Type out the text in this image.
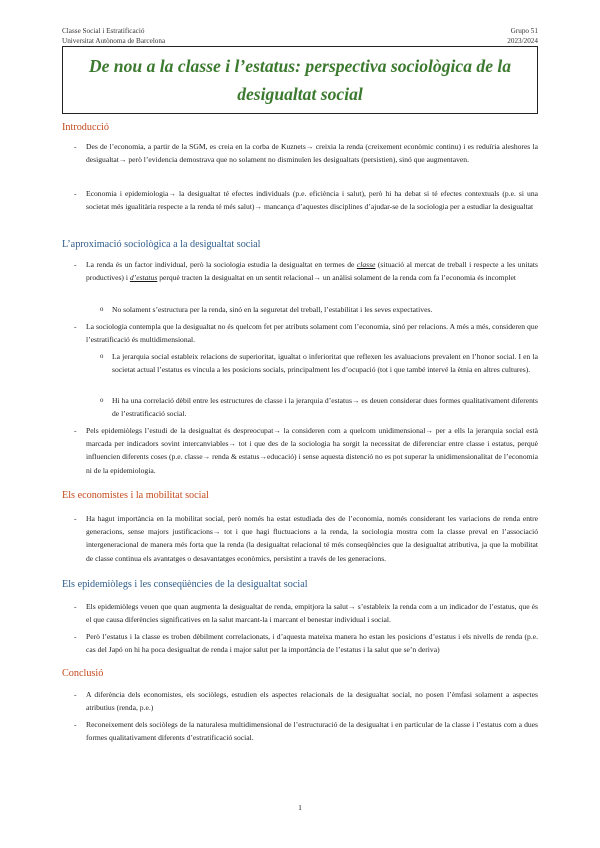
Classe Social i Estratificació
Universitat Autònoma de Barcelona
Grupo 51
2023/2024
De nou a la classe i l’estatus: perspectiva sociològica de la desigualtat social
Introducció
- Des de l’economia, a partir de la SGM, es creia en la corba de Kuznets→ creixia la renda (creixement econòmic continu) i es reduïria aleshores la desigualtat→ però l’evidencia demostrava que no solament no disminuïen les desigualtats (persistien), sinó que augmentaven.
- Economia i epidemiologia→ la desigualtat té efectes individuals (p.e. eficiència i salut), però hi ha debat si té efectes contextuals (p.e. si una societat més igualitària respecte a la renda té més salut)→ mancança d’aquestes disciplines d’ajudar-se de la sociologia per a estudiar la desigualtat
L’aproximació sociològica a la desigualtat social
- La renda és un factor individual, però la sociologia estudia la desigualtat en termes de classe (situació al mercat de treball i respecte a les unitats productives) i d’estatus perquè tracten la desigualtat en un sentit relacional→ un anàlisi solament de la renda com fa l’economia és incomplet
o No solament s’estructura per la renda, sinó en la seguretat del treball, l’estabilitat i les seves expectatives.
- La sociologia contempla que la desigualtat no és quelcom fet per atributs solament com l’economia, sinó per relacions. A més a més, consideren que l’estratificació és multidimensional.
o La jerarquia social estableix relacions de superioritat, igualtat o inferioritat que reflexen les avaluacions prevalent en l’honor social. I en la societat actual l’estatus es vincula a les posicions socials, principalment les d’ocupació (tot i que també intervé la ètnia en altres cultures).
o Hi ha una correlació dèbil entre les estructures de classe i la jerarquia d’estatus→ es deuen considerar dues formes qualitativament diferents de l’estratificació social.
- Pels epidemiòlegs l’estudi de la desigualtat és despreocupat→ la consideren com a quelcom unidimensional→ per a ells la jerarquia social està marcada per indicadors sovint intercanviables→ tot i que des de la sociologia ha sorgit la necessitat de diferenciar entre classe i estatus, perquè influencien diferents coses (p.e. classe→ renda & estatus→educació) i sense aquesta distenció no es pot superar la unidimensionalitat de l’economia ni de la epidemiologia.
Els economistes i la mobilitat social
- Ha hagut importància en la mobilitat social, però només ha estat estudiada des de l’economia, només considerant les variacions de renda entre generacions, sense majors justificacions→ tot i que hagi fluctuacions a la renda, la sociologia mostra com la classe preval en l’associació intergeneracional de manera més forta que la renda (la desigualtat relacional té més conseqüències que la desigualtat atributiva, ja que la mobilitat de classe continua els avantatges o desavantatges econòmics, persistint a través de les generacions.
Els epidemiòlegs i les conseqüències de la desigualtat social
- Els epidemiòlegs veuen que quan augmenta la desigualtat de renda, empitjora la salut→ s’estableix la renda com a un indicador de l’estatus, que és el que causa diferències significatives en la salut marcant-la i marcant el benestar individual i social.
- Però l’estatus i la classe es troben dèbilment correlacionats, i d’aquesta mateixa manera ho estan les posicions d’estatus i els nivells de renda (p.e. cas del Japó on hi ha poca desigualtat de renda i major salut per la importància de l’estatus i la salut que se’n deriva)
Conclusió
- A diferència dels economistes, els sociòlegs, estudien els aspectes relacionals de la desigualtat social, no posen l’èmfasi solament a aspectes atributius (renda, p.e.)
- Reconeixement dels sociòlegs de la naturalesa multidimensional de l’estructuració de la desigualtat i en particular de la classe i l’estatus com a dues formes qualitativament diferents d’estratificació social.
1
